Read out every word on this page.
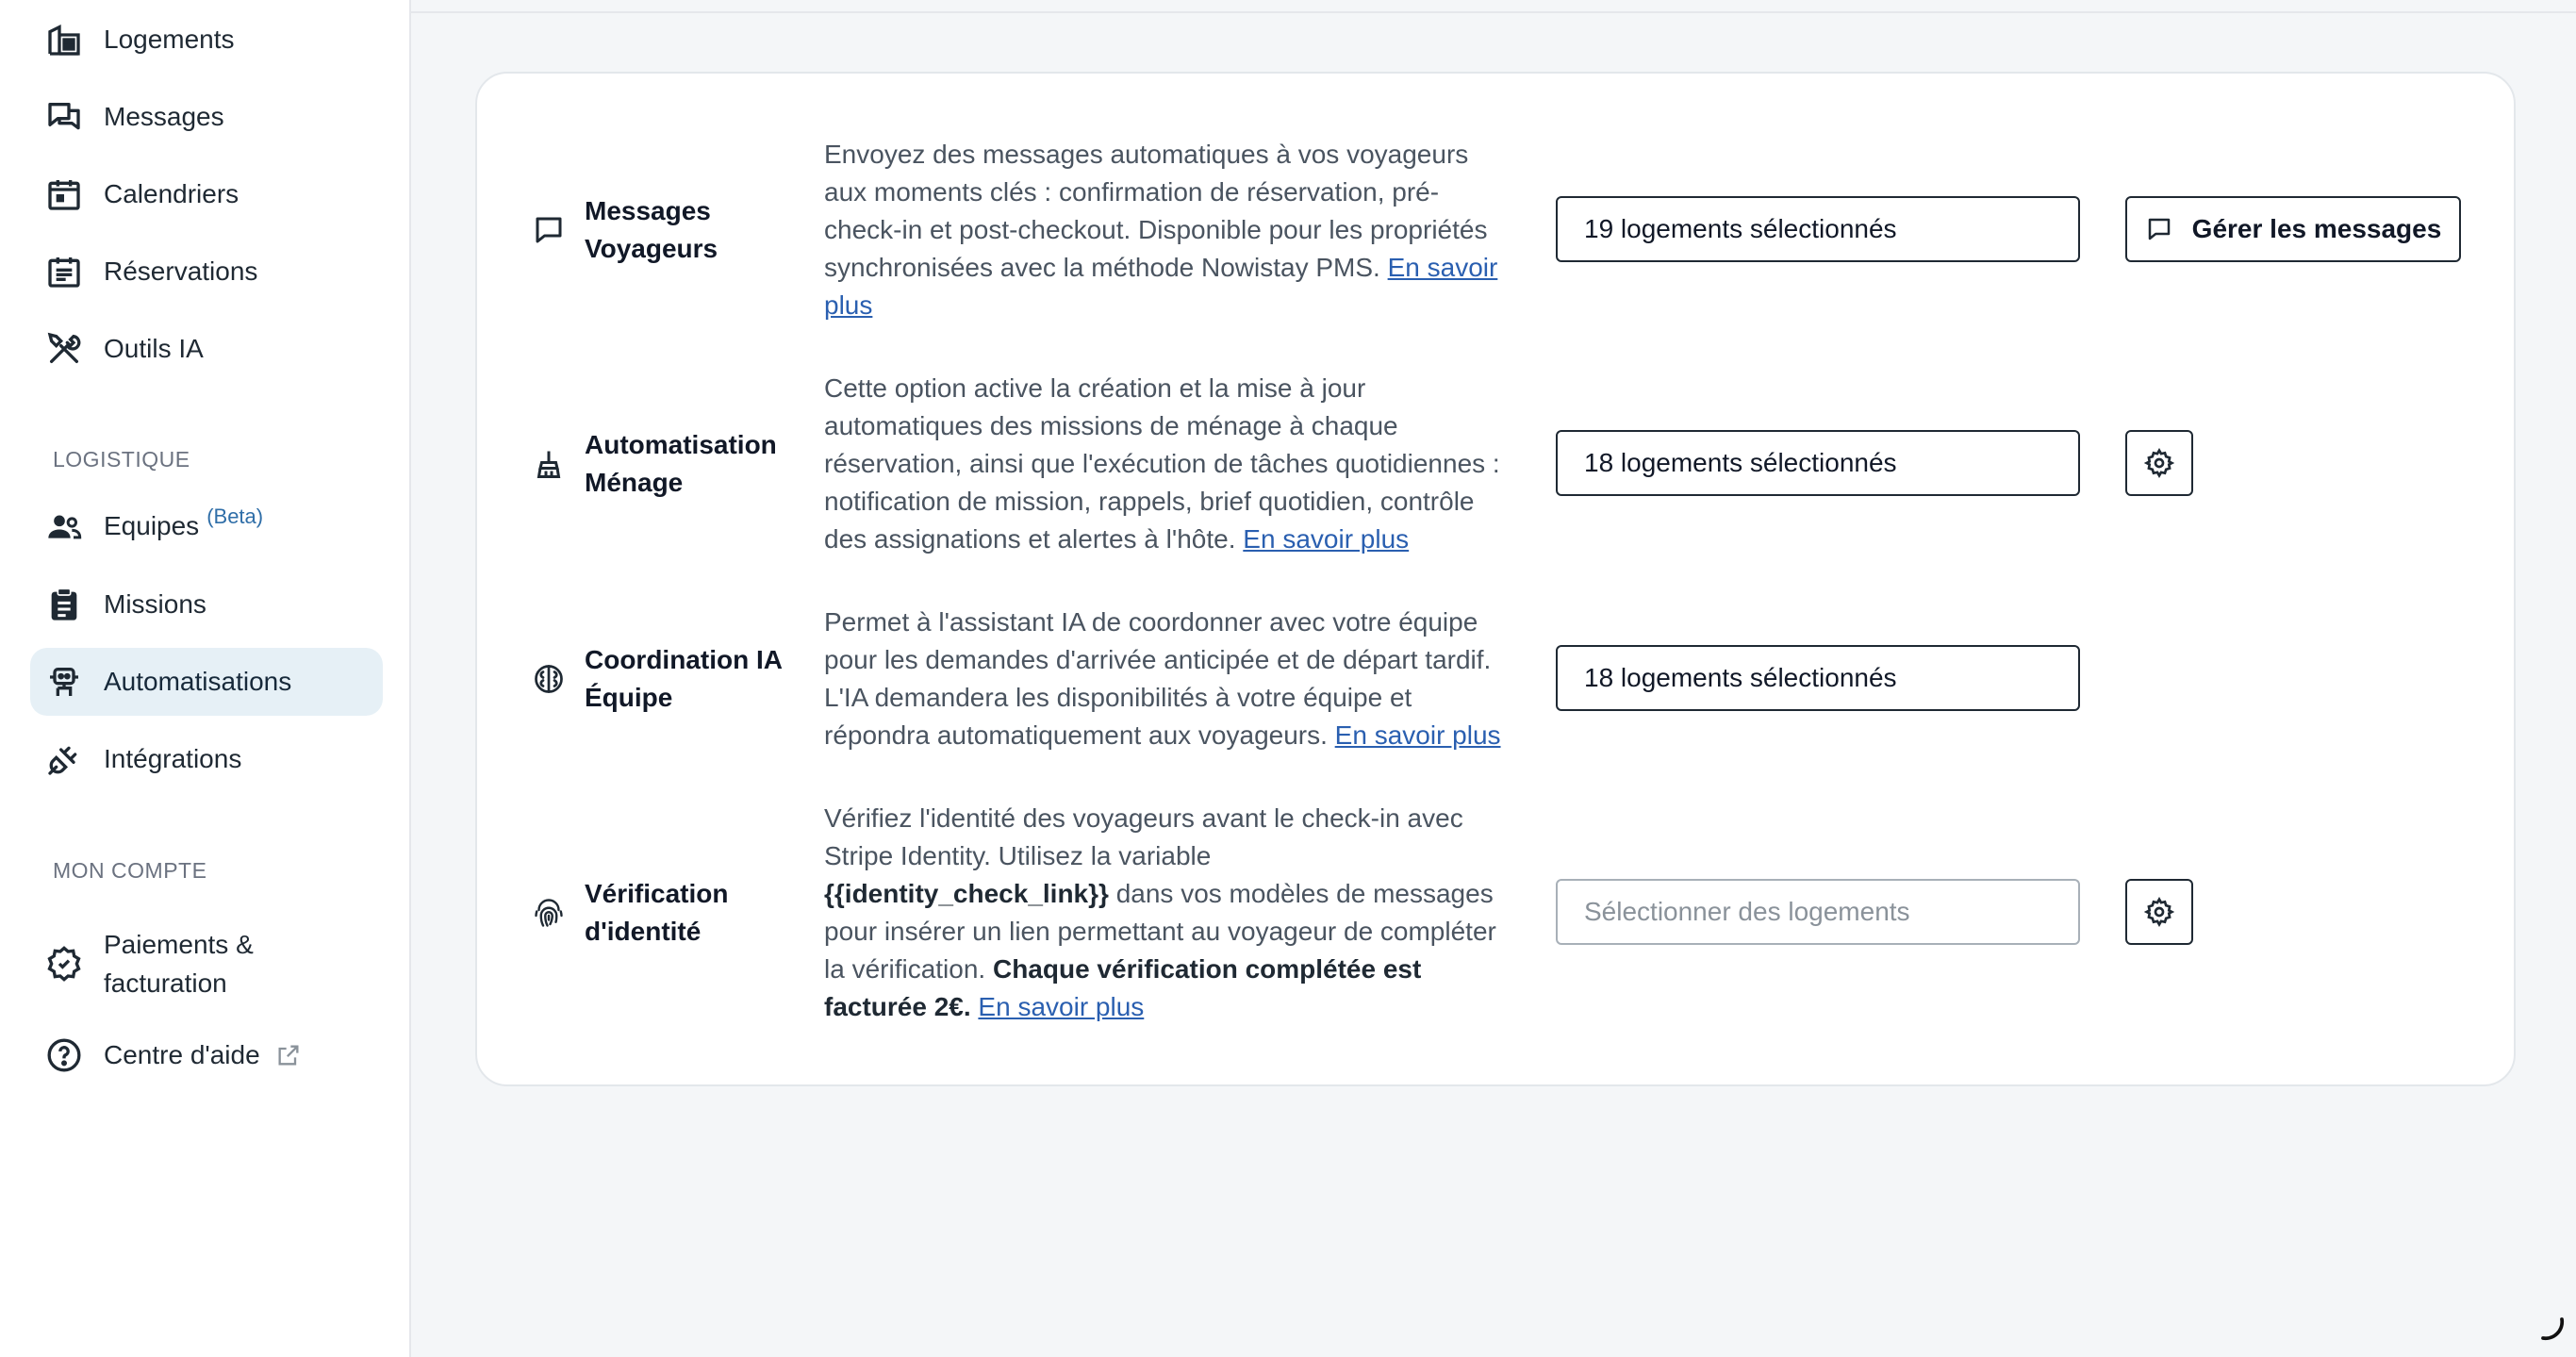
Logements
Messages
Calendriers
Réservations
Outils IA
LOGISTIQUE
Equipes $^{(Beta)}$
Missions
Automatisations
Intégrations
MON COMPTE
Paiements &
facturation
Centre d'aide
Messages
Voyageurs
Envoyez des messages automatiques à vos voyageurs aux moments clés : confirmation de réservation, pré-check-in et post-checkout. Disponible pour les propriétés synchronisées avec la méthode Nowistay PMS. En savoir plus
19 logements sélectionnés	Gérer les messages
Automatisation
Ménage
Cette option active la création et la mise à jour automatiques des missions de ménage à chaque réservation, ainsi que l'exécution de tâches quotidiennes : notification de mission, rappels, brief quotidien, contrôle des assignations et alertes à l'hôte. En savoir plus
18 logements sélectionnés
Coordination IA
Équipe
Permet à l'assistant IA de coordonner avec votre équipe pour les demandes d'arrivée anticipée et de départ tardif. L'IA demandera les disponibilités à votre équipe et répondra automatiquement aux voyageurs. En savoir plus
18 logements sélectionnés
Vérification
d'identité
Vérifiez l'identité des voyageurs avant le check-in avec Stripe Identity. Utilisez la variable {{identity_check_link}} dans vos modèles de messages pour insérer un lien permettant au voyageur de compléter la vérification. Chaque vérification complétée est facturée 2€. En savoir plus
Sélectionner des logements
